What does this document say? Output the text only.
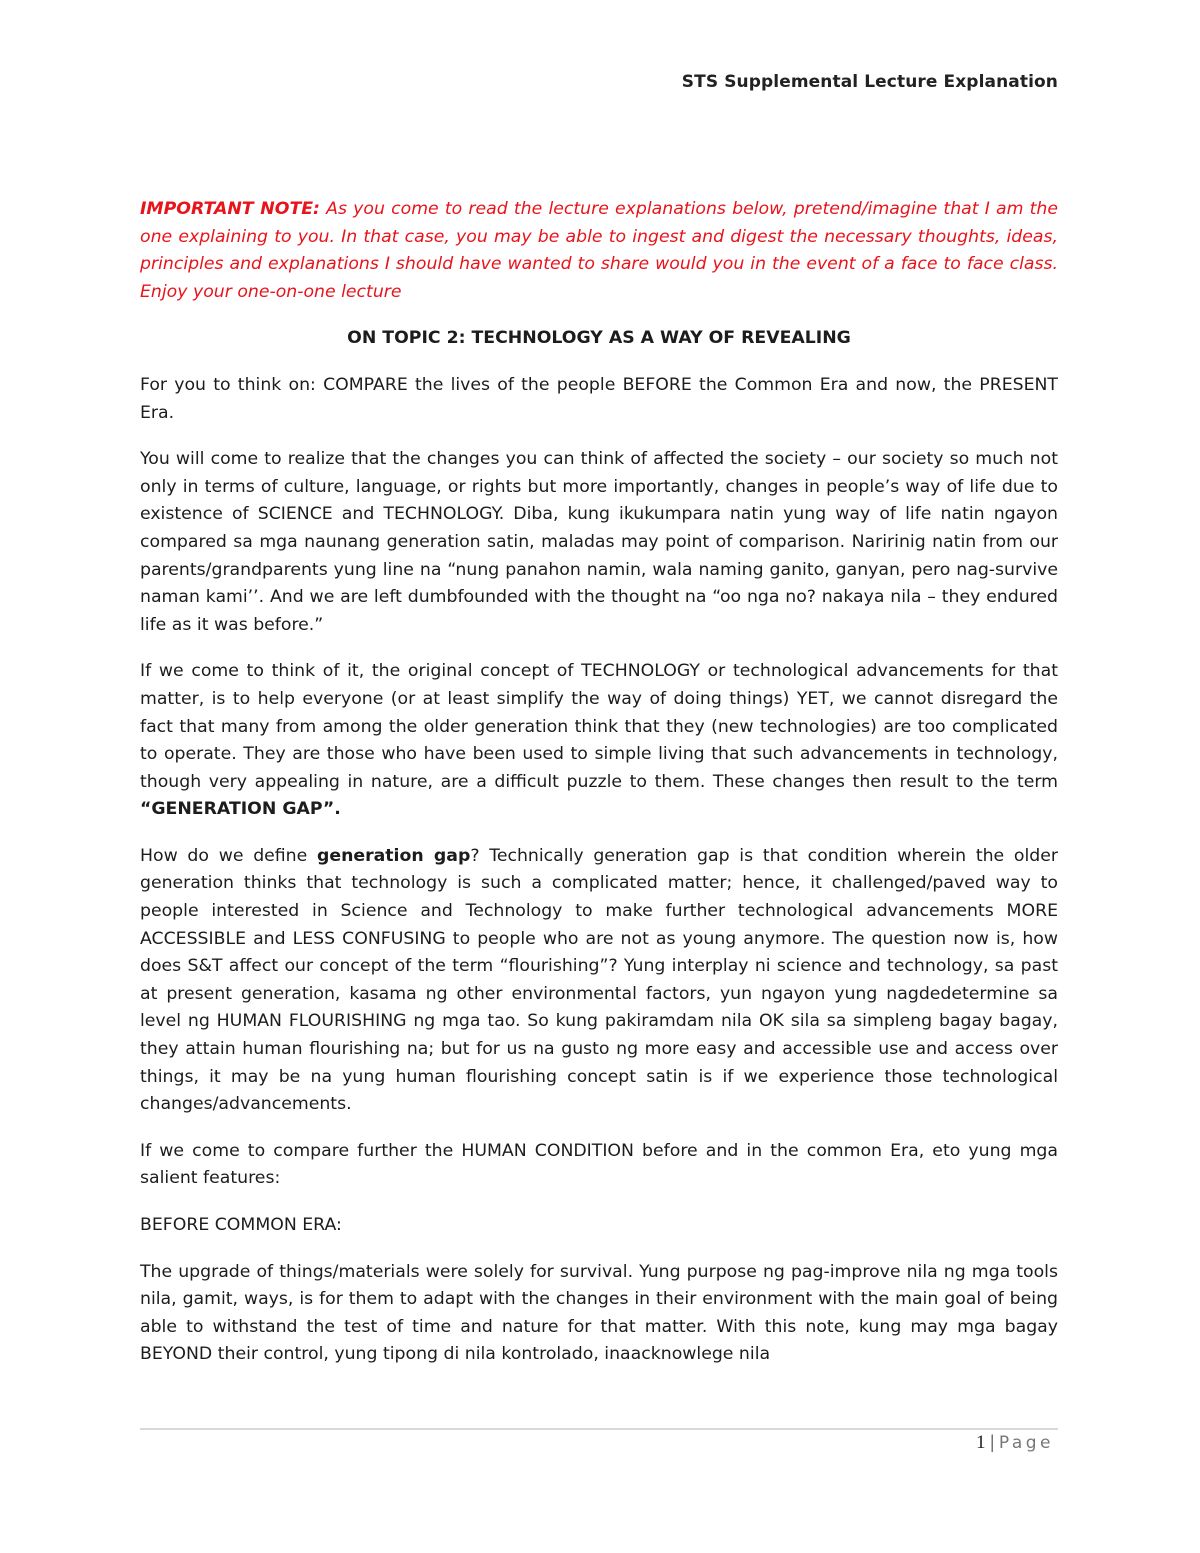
STS Supplemental Lecture Explanation

IMPORTANT NOTE: As you come to read the lecture explanations below, pretend/imagine that I am the one explaining to you. In that case, you may be able to ingest and digest the necessary thoughts, ideas, principles and explanations I should have wanted to share would you in the event of a face to face class. Enjoy your one-on-one lecture

ON TOPIC 2: TECHNOLOGY AS A WAY OF REVEALING

For you to think on: COMPARE the lives of the people BEFORE the Common Era and now, the PRESENT Era.

You will come to realize that the changes you can think of affected the society – our society so much not only in terms of culture, language, or rights but more importantly, changes in people’s way of life due to existence of SCIENCE and TECHNOLOGY. Diba, kung ikukumpara natin yung way of life natin ngayon compared sa mga naunang generation satin, maladas may point of comparison. Naririnig natin from our parents/grandparents yung line na “nung panahon namin, wala naming ganito, ganyan, pero nag-survive naman kami’’. And we are left dumbfounded with the thought na “oo nga no? nakaya nila – they endured life as it was before.”

If we come to think of it, the original concept of TECHNOLOGY or technological advancements for that matter, is to help everyone (or at least simplify the way of doing things) YET, we cannot disregard the fact that many from among the older generation think that they (new technologies) are too complicated to operate. They are those who have been used to simple living that such advancements in technology, though very appealing in nature, are a difficult puzzle to them. These changes then result to the term “GENERATION GAP”.

How do we define generation gap? Technically generation gap is that condition wherein the older generation thinks that technology is such a complicated matter; hence, it challenged/paved way to people interested in Science and Technology to make further technological advancements MORE ACCESSIBLE and LESS CONFUSING to people who are not as young anymore. The question now is, how does S&T affect our concept of the term “flourishing”? Yung interplay ni science and technology, sa past at present generation, kasama ng other environmental factors, yun ngayon yung nagdedetermine sa level ng HUMAN FLOURISHING ng mga tao. So kung pakiramdam nila OK sila sa simpleng bagay bagay, they attain human flourishing na; but for us na gusto ng more easy and accessible use and access over things, it may be na yung human flourishing concept satin is if we experience those technological changes/advancements.

If we come to compare further the HUMAN CONDITION before and in the common Era, eto yung mga salient features:

BEFORE COMMON ERA:

The upgrade of things/materials were solely for survival. Yung purpose ng pag-improve nila ng mga tools nila, gamit, ways, is for them to adapt with the changes in their environment with the main goal of being able to withstand the test of time and nature for that matter. With this note, kung may mga bagay BEYOND their control, yung tipong di nila kontrolado, inaacknowlege nila

1 | Page
